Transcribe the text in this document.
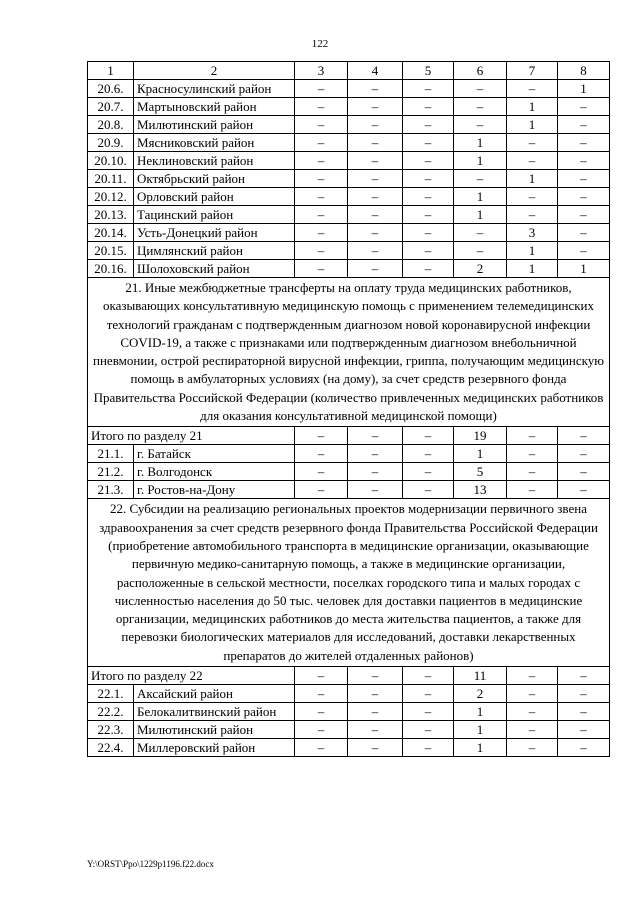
122
1	2	3	4	5	6	7	8
20.6.	Красносулинский район	–	–	–	–	–	1
20.7.	Мартыновский район	–	–	–	–	1	–
20.8.	Милютинский район	–	–	–	–	1	–
20.9.	Мясниковский район	–	–	–	1	–	–
20.10.	Неклиновский район	–	–	–	1	–	–
20.11.	Октябрьский район	–	–	–	–	1	–
20.12.	Орловский район	–	–	–	1	–	–
20.13.	Тацинский район	–	–	–	1	–	–
20.14.	Усть-Донецкий район	–	–	–	–	3	–
20.15.	Цимлянский район	–	–	–	–	1	–
20.16.	Шолоховский район	–	–	–	2	1	1
21. Иные межбюджетные трансферты на оплату труда медицинских работников, оказывающих консультативную медицинскую помощь с применением телемедицинских технологий гражданам с подтвержденным диагнозом новой коронавирусной инфекции COVID-19, а также с признаками или подтвержденным диагнозом внебольничной пневмонии, острой респираторной вирусной инфекции, гриппа, получающим медицинскую помощь в амбулаторных условиях (на дому), за счет средств резервного фонда Правительства Российской Федерации (количество привлеченных медицинских работников для оказания консультативной медицинской помощи)							
Итого по разделу 21		–	–	–	19	–	–
21.1.	г. Батайск	–	–	–	1	–	–
21.2.	г. Волгодонск	–	–	–	5	–	–
21.3.	г. Ростов-на-Дону	–	–	–	13	–	–
22. Субсидии на реализацию региональных проектов модернизации первичного звена здравоохранения за счет средств резервного фонда Правительства Российской Федерации (приобретение автомобильного транспорта в медицинские организации, оказывающие первичную медико-санитарную помощь, а также в медицинские организации, расположенные в сельской местности, поселках городского типа и малых городах с численностью населения до 50 тыс. человек для доставки пациентов в медицинские организации, медицинских работников до места жительства пациентов, а также для перевозки биологических материалов для исследований, доставки лекарственных препаратов до жителей отдаленных районов)							
Итого по разделу 22		–	–	–	11	–	–
22.1.	Аксайский район	–	–	–	2	–	–
22.2.	Белокалитвинский район	–	–	–	1	–	–
22.3.	Милютинский район	–	–	–	1	–	–
22.4.	Миллеровский район	–	–	–	1	–	–
Y:\ORST\Ppo\1229p1196.f22.docx
